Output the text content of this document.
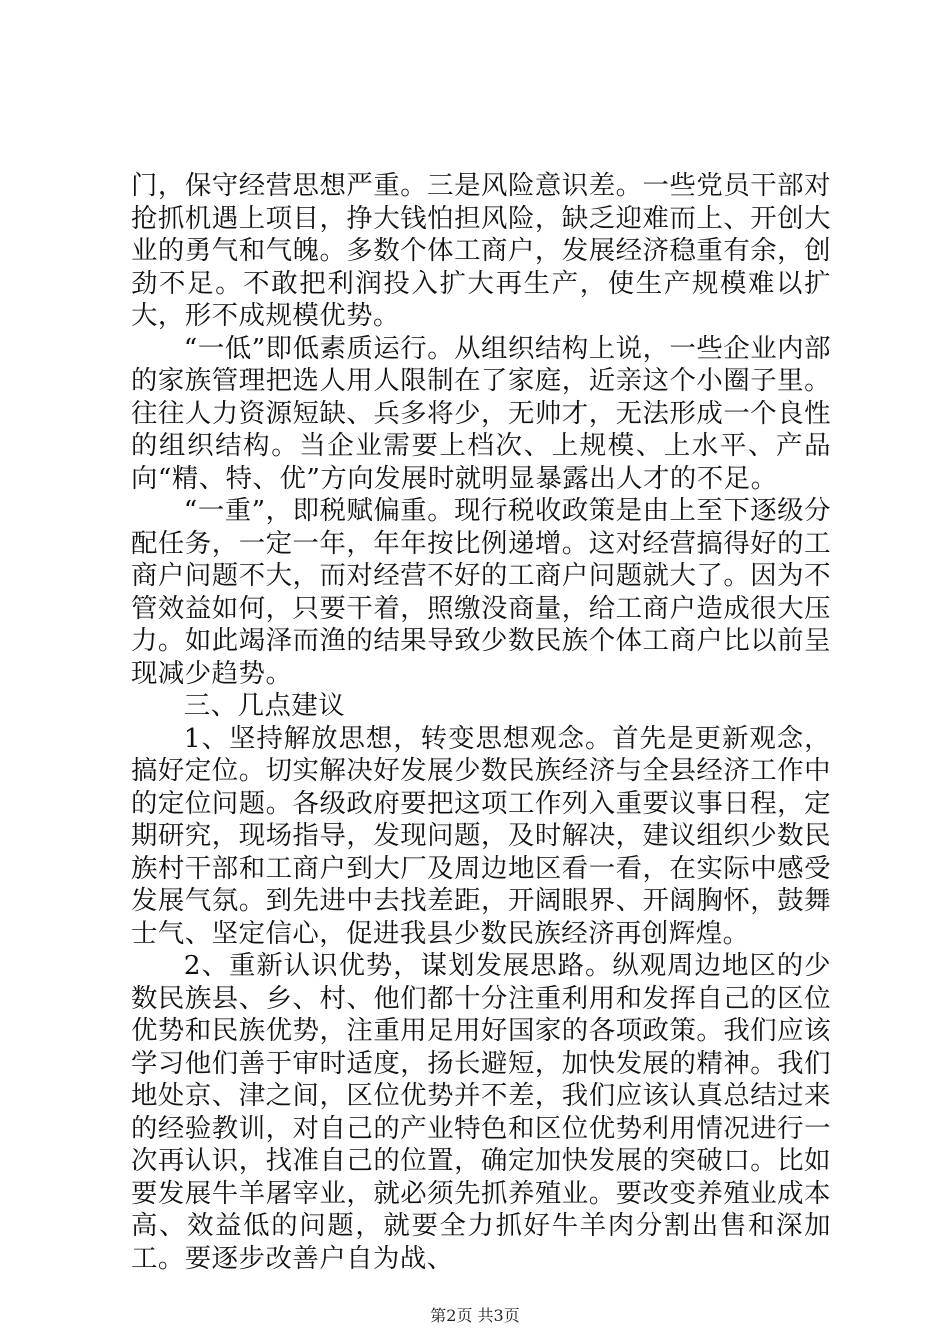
门，保守经营思想严重。三是风险意识差。一些党员干部对抢抓机遇上项目，挣大钱怕担风险，缺乏迎难而上、开创大业的勇气和气魄。多数个体工商户，发展经济稳重有余，创劲不足。不敢把利润投入扩大再生产，使生产规模难以扩大，形不成规模优势。

“一低”即低素质运行。从组织结构上说，一些企业内部的家族管理把选人用人限制在了家庭，近亲这个小圈子里。往往人力资源短缺、兵多将少，无帅才，无法形成一个良性的组织结构。当企业需要上档次、上规模、上水平、产品向“精、特、优”方向发展时就明显暴露出人才的不足。

“一重”，即税赋偏重。现行税收政策是由上至下逐级分配任务，一定一年，年年按比例递增。这对经营搞得好的工商户问题不大，而对经营不好的工商户问题就大了。因为不管效益如何，只要干着，照缴没商量，给工商户造成很大压力。如此竭泽而渔的结果导致少数民族个体工商户比以前呈现减少趋势。

三、几点建议

1、坚持解放思想，转变思想观念。首先是更新观念，搞好定位。切实解决好发展少数民族经济与全县经济工作中的定位问题。各级政府要把这项工作列入重要议事日程，定期研究，现场指导，发现问题，及时解决，建议组织少数民族村干部和工商户到大厂及周边地区看一看，在实际中感受发展气氛。到先进中去找差距，开阔眼界、开阔胸怀，鼓舞士气、坚定信心，促进我县少数民族经济再创辉煌。

2、重新认识优势，谋划发展思路。纵观周边地区的少数民族县、乡、村、他们都十分注重利用和发挥自己的区位优势和民族优势，注重用足用好国家的各项政策。我们应该学习他们善于审时适度，扬长避短，加快发展的精神。我们地处京、津之间，区位优势并不差，我们应该认真总结过来的经验教训，对自己的产业特色和区位优势利用情况进行一次再认识，找准自己的位置，确定加快发展的突破口。比如要发展牛羊屠宰业，就必须先抓养殖业。要改变养殖业成本高、效益低的问题，就要全力抓好牛羊肉分割出售和深加工。要逐步改善户自为战、

第2页 共3页
